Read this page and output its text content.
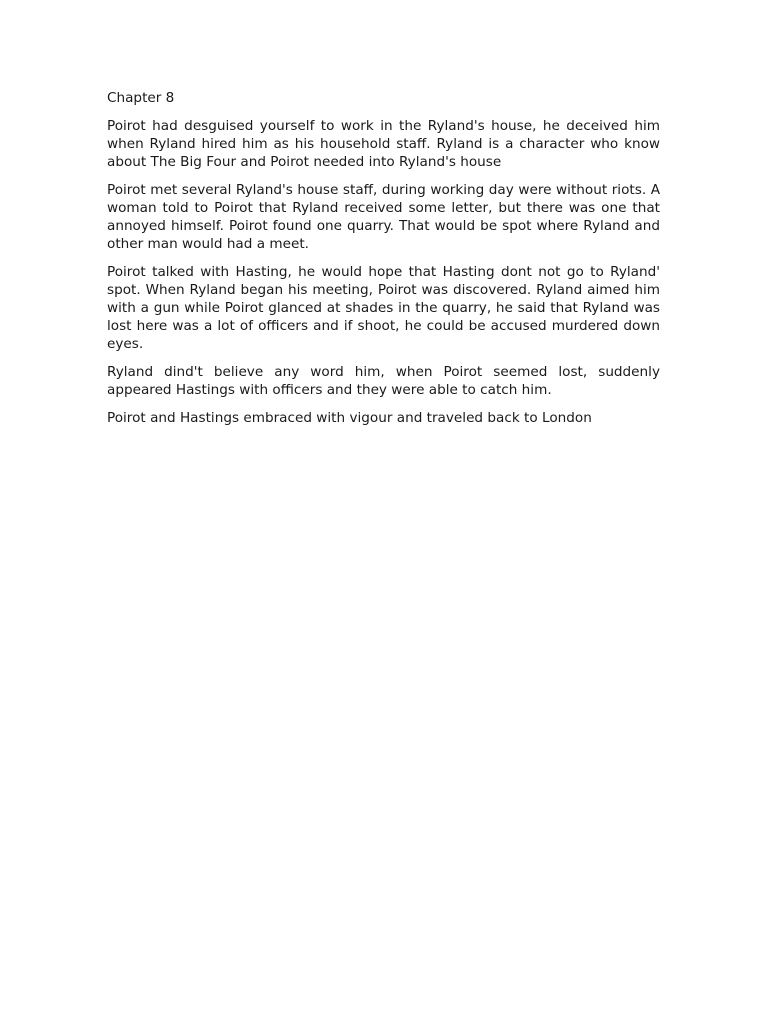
Chapter 8

Poirot had desguised yourself to work in the Ryland's house, he deceived him when Ryland hired him as his household staff. Ryland is a character who know about The Big Four and Poirot needed into Ryland's house

Poirot met several Ryland's house staff, during working day were without riots. A woman told to Poirot that Ryland received some letter, but there was one that annoyed himself. Poirot found one quarry. That would be spot where Ryland and other man would had a meet.

Poirot talked with Hasting, he would hope that Hasting dont not go to Ryland' spot. When Ryland began his meeting, Poirot was discovered. Ryland aimed him with a gun while Poirot glanced at shades in the quarry, he said that Ryland was lost here was a lot of officers and if shoot, he could be accused murdered down eyes.

Ryland dind't believe any word him, when Poirot seemed lost, suddenly appeared Hastings with officers and they were able to catch him.

Poirot and Hastings embraced with vigour and traveled back to London
